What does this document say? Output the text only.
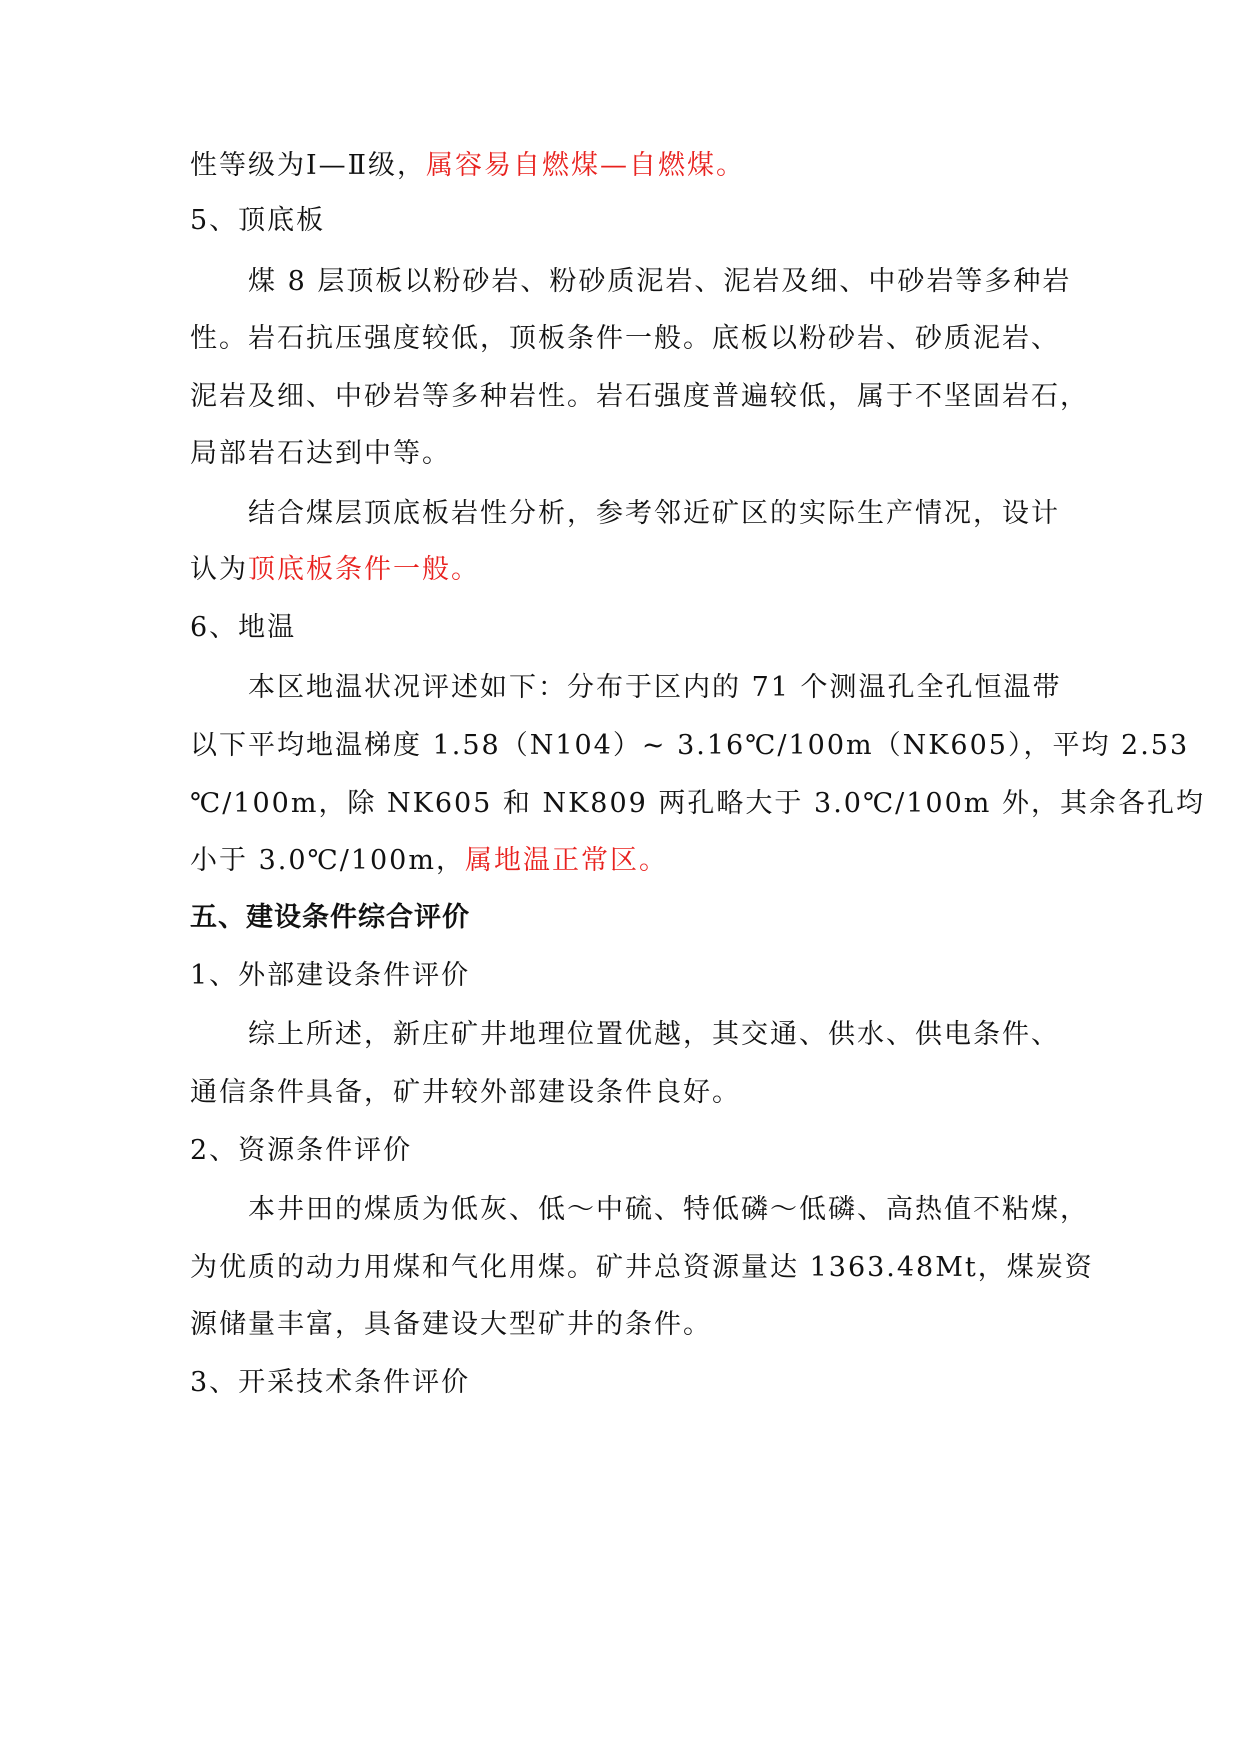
性等级为Ⅰ—Ⅱ级，属容易自燃煤—自燃煤。
5、顶底板
煤 8 层顶板以粉砂岩、粉砂质泥岩、泥岩及细、中砂岩等多种岩
性。岩石抗压强度较低，顶板条件一般。底板以粉砂岩、砂质泥岩、
泥岩及细、中砂岩等多种岩性。岩石强度普遍较低，属于不坚固岩石，
局部岩石达到中等。
结合煤层顶底板岩性分析，参考邻近矿区的实际生产情况，设计
认为顶底板条件一般。
6、地温
本区地温状况评述如下：分布于区内的 71 个测温孔全孔恒温带
以下平均地温梯度 1.58（N104）~ 3.16℃/100m（NK605），平均 2.53
℃/100m，除 NK605 和 NK809 两孔略大于 3.0℃/100m 外，其余各孔均
小于 3.0℃/100m，属地温正常区。
五、建设条件综合评价
1、外部建设条件评价
综上所述，新庄矿井地理位置优越，其交通、供水、供电条件、
通信条件具备，矿井较外部建设条件良好。
2、资源条件评价
本井田的煤质为低灰、低～中硫、特低磷～低磷、高热值不粘煤，
为优质的动力用煤和气化用煤。矿井总资源量达 1363.48Mt，煤炭资
源储量丰富，具备建设大型矿井的条件。
3、开采技术条件评价
